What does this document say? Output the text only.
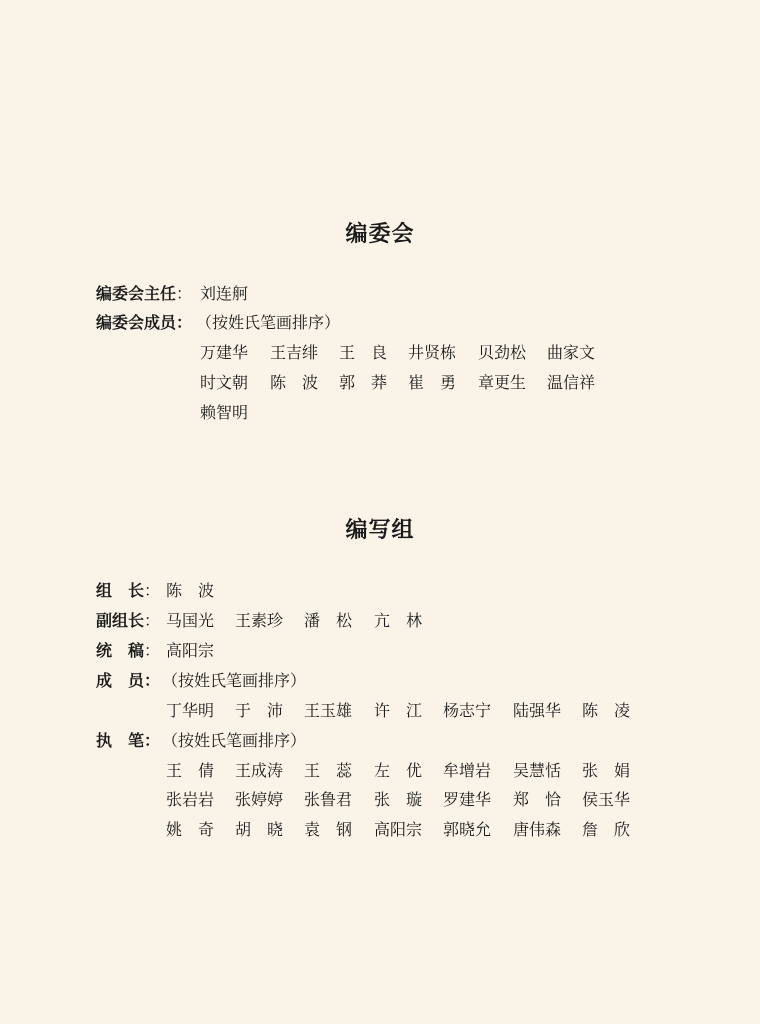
编委会
编委会主任： 刘连舸
编委会成员： （按姓氏笔画排序）
万建华 王吉绯 王　良 井贤栋 贝劲松 曲家文
时文朝 陈　波 郭　莽 崔　勇 章更生 温信祥
赖智明
编写组
组　长： 陈　波
副组长： 马国光 王素珍 潘　松 亢　林
统　稿： 高阳宗
成　员： （按姓氏笔画排序）
丁华明 于　沛 王玉雄 许　江 杨志宁 陆强华 陈　凌
执　笔： （按姓氏笔画排序）
王　倩 王成涛 王　蕊 左　优 牟增岩 吴慧恬 张　娟
张岩岩 张婷婷 张鲁君 张　璇 罗建华 郑　恰 侯玉华
姚　奇 胡　晓 袁　钢 高阳宗 郭晓允 唐伟森 詹　欣
